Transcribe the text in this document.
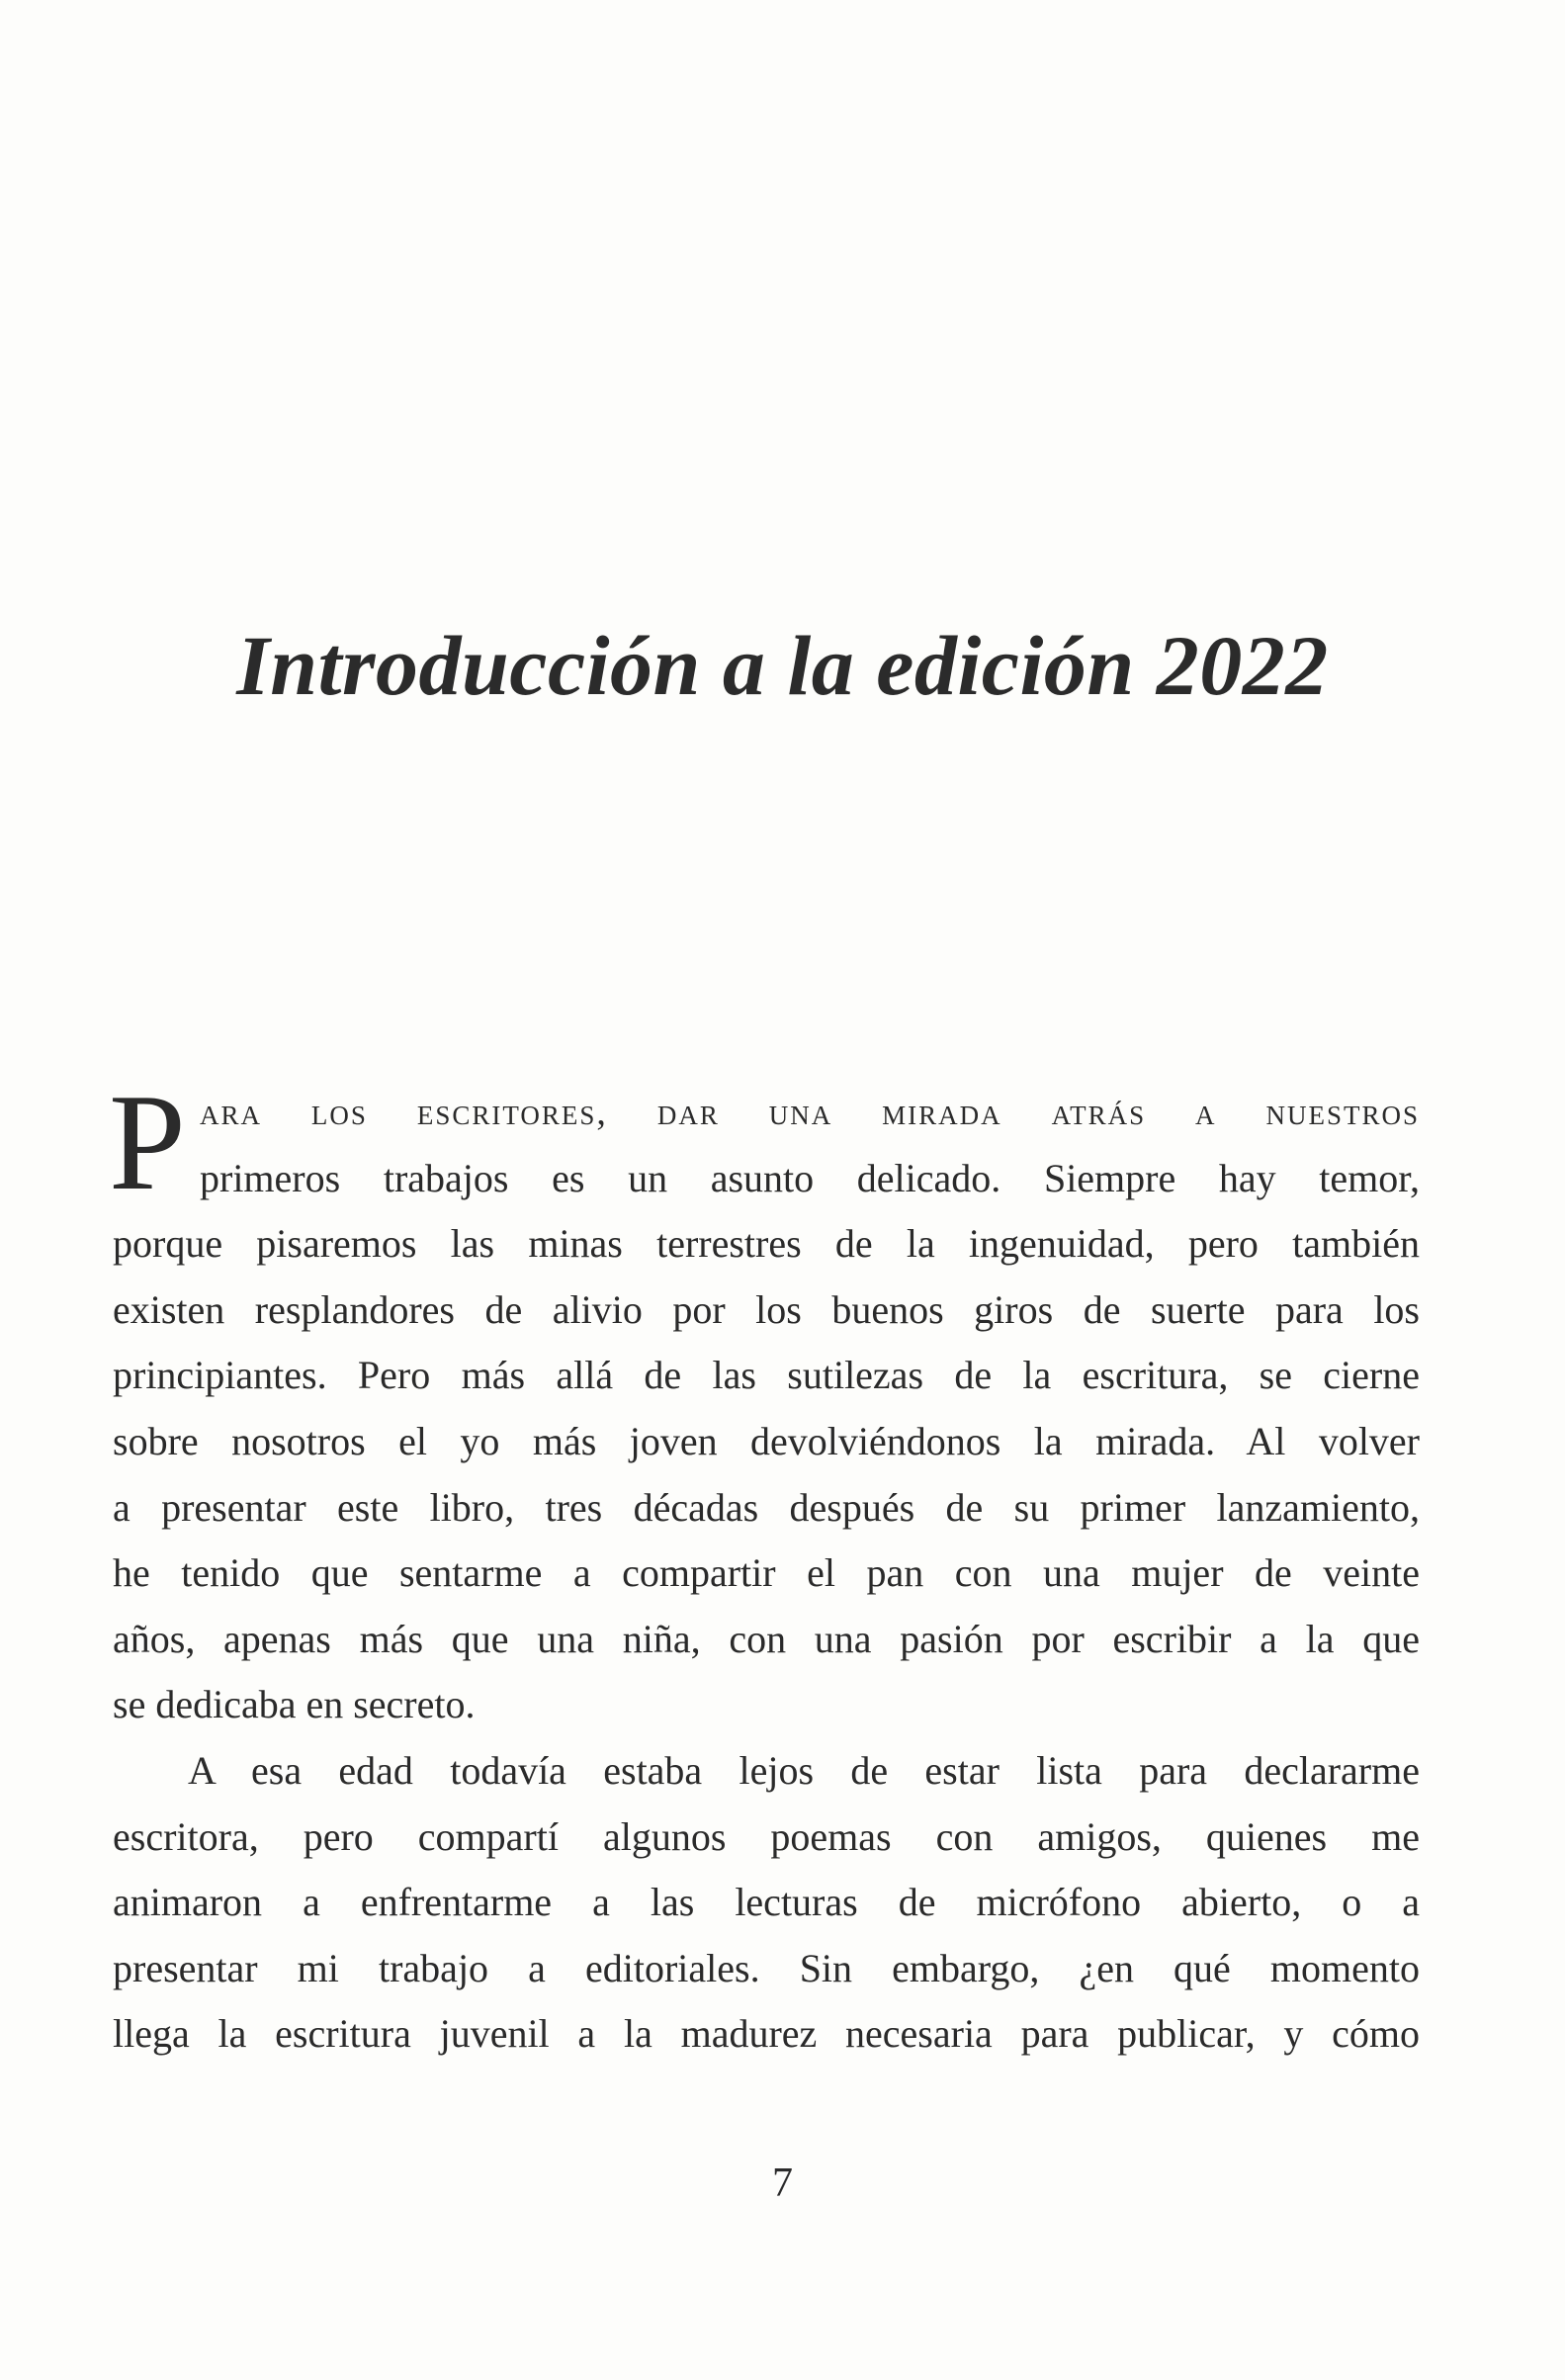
Introducción a la edición 2022
P ara los escritores, dar una mirada atrás a nuestros
primeros trabajos es un asunto delicado. Siempre hay temor,
porque pisaremos las minas terrestres de la ingenuidad, pero también
existen resplandores de alivio por los buenos giros de suerte para los
principiantes. Pero más allá de las sutilezas de la escritura, se cierne
sobre nosotros el yo más joven devolviéndonos la mirada. Al volver
a presentar este libro, tres décadas después de su primer lanzamiento,
he tenido que sentarme a compartir el pan con una mujer de veinte
años, apenas más que una niña, con una pasión por escribir a la que
se dedicaba en secreto.
A esa edad todavía estaba lejos de estar lista para declararme
escritora, pero compartí algunos poemas con amigos, quienes me
animaron a enfrentarme a las lecturas de micrófono abierto, o a
presentar mi trabajo a editoriales. Sin embargo, ¿en qué momento
llega la escritura juvenil a la madurez necesaria para publicar, y cómo
7
